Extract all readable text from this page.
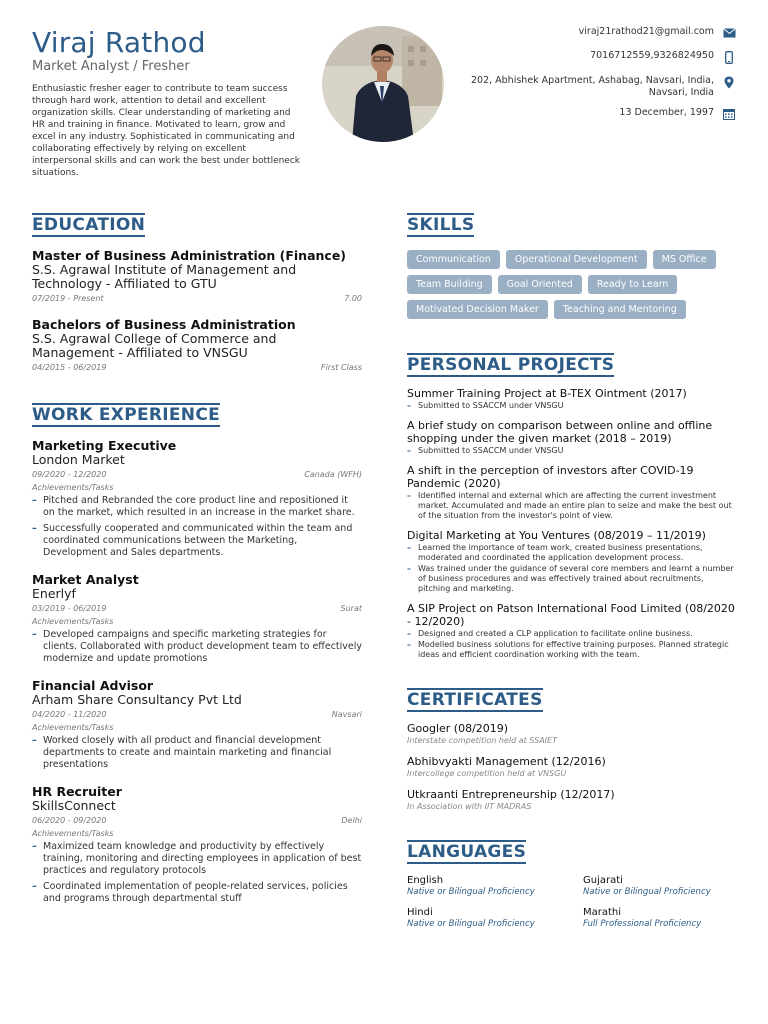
Viraj Rathod
Market Analyst / Fresher
Enthusiastic fresher eager to contribute to team success through hard work, attention to detail and excellent organization skills. Clear understanding of marketing and HR and training in finance. Motivated to learn, grow and excel in any industry. Sophisticated in communicating and collaborating effectively by relying on excellent interpersonal skills and can work the best under bottleneck situations.
viraj21rathod21@gmail.com
7016712559,9326824950
202, Abhishek Apartment, Ashabag, Navsari, India,
Navsari, India
13 December, 1997
EDUCATION
Master of Business Administration (Finance)
S.S. Agrawal Institute of Management and Technology - Affiliated to GTU
07/2019 - Present	7.00
Bachelors of Business Administration
S.S. Agrawal College of Commerce and Management - Affiliated to VNSGU
04/2015 - 06/2019	First Class
WORK EXPERIENCE
Marketing Executive
London Market
09/2020 - 12/2020	Canada (WFH)
Achievements/Tasks
– Pitched and Rebranded the core product line and repositioned it on the market, which resulted in an increase in the market share.
– Successfully cooperated and communicated within the team and coordinated communications between the Marketing, Development and Sales departments.
Market Analyst
Enerlyf
03/2019 - 06/2019	Surat
Achievements/Tasks
– Developed campaigns and specific marketing strategies for clients. Collaborated with product development team to effectively modernize and update promotions
Financial Advisor
Arham Share Consultancy Pvt Ltd
04/2020 - 11/2020	Navsari
Achievements/Tasks
– Worked closely with all product and financial development departments to create and maintain marketing and financial presentations
HR Recruiter
SkillsConnect
06/2020 - 09/2020	Delhi
Achievements/Tasks
– Maximized team knowledge and productivity by effectively training, monitoring and directing employees in application of best practices and regulatory protocols
– Coordinated implementation of people-related services, policies and programs through departmental stuff
SKILLS
Communication	Operational Development	MS Office
Team Building	Goal Oriented	Ready to Learn
Motivated Decision Maker	Teaching and Mentoring
PERSONAL PROJECTS
Summer Training Project at B-TEX Ointment (2017)
– Submitted to SSACCM under VNSGU
A brief study on comparison between online and offline shopping under the given market (2018 – 2019)
– Submitted to SSACCM under VNSGU
A shift in the perception of investors after COVID-19 Pandemic (2020)
– Identified internal and external which are affecting the current investment market. Accumulated and made an entire plan to seize and make the best out of the situation from the investor's point of view.
Digital Marketing at You Ventures (08/2019 – 11/2019)
– Learned the importance of team work, created business presentations, moderated and coordinated the application development process.
– Was trained under the guidance of several core members and learnt a number of business procedures and was effectively trained about recruitments, pitching and marketing.
A SIP Project on Patson International Food Limited (08/2020 - 12/2020)
– Designed and created a CLP application to facilitate online business.
– Modelled business solutions for effective training purposes. Planned strategic ideas and efficient coordination working with the team.
CERTIFICATES
Googler (08/2019)
Interstate competition held at SSAIET
Abhibvyakti Management (12/2016)
Intercollege competition held at VNSGU
Utkraanti Entrepreneurship (12/2017)
In Association with IIT MADRAS
LANGUAGES
English
Native or Bilingual Proficiency
Gujarati
Native or Bilingual Proficiency
Hindi
Native or Bilingual Proficiency
Marathi
Full Professional Proficiency
